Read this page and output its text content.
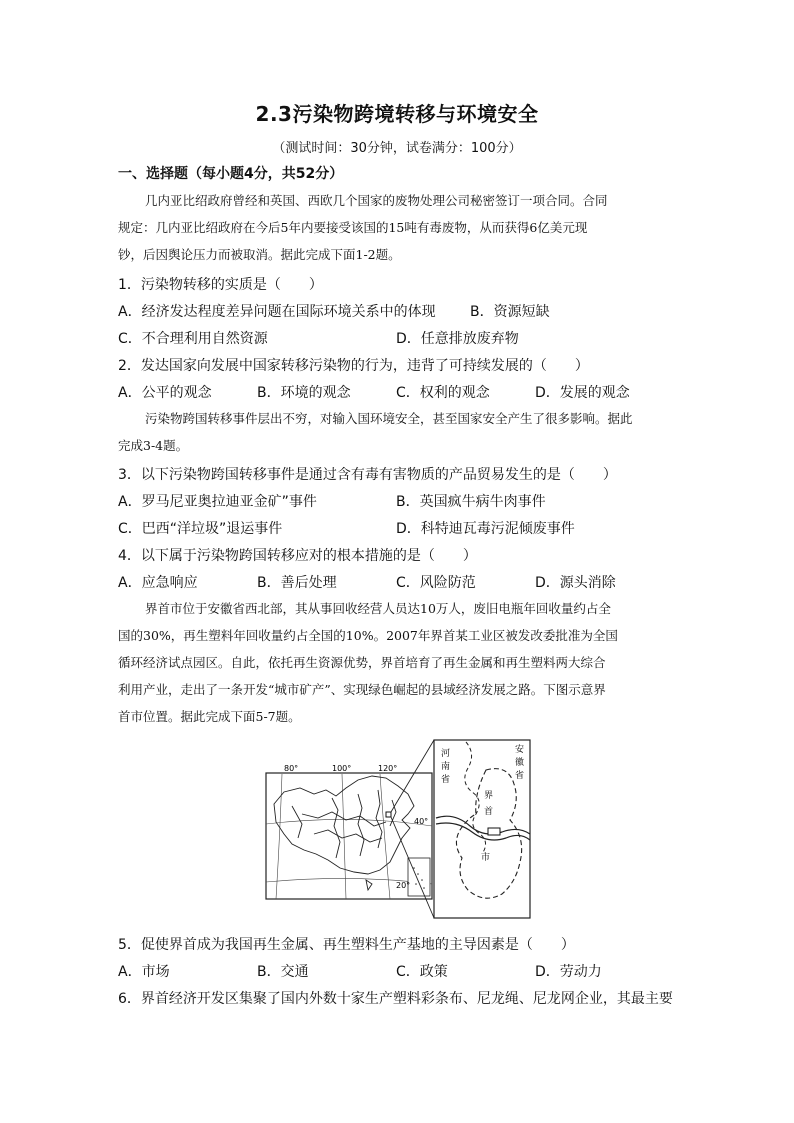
2.3污染物跨境转移与环境安全
（测试时间：30分钟，试卷满分：100分）
一、选择题（每小题4分，共52分）
几内亚比绍政府曾经和英国、西欧几个国家的废物处理公司秘密签订一项合同。合同
规定：几内亚比绍政府在今后5年内要接受该国的15吨有毒废物，从而获得6亿美元现
钞，后因舆论压力而被取消。据此完成下面1-2题。
1．污染物转移的实质是（　　）
A．经济发达程度差异问题在国际环境关系中的体现 B．资源短缺
C．不合理利用自然资源	D．任意排放废弃物
2．发达国家向发展中国家转移污染物的行为，违背了可持续发展的（　　）
A．公平的观念	B．环境的观念	C．权利的观念	D．发展的观念
污染物跨国转移事件层出不穷，对输入国环境安全，甚至国家安全产生了很多影响。据此
完成3-4题。
3．以下污染物跨国转移事件是通过含有毒有害物质的产品贸易发生的是（　　）
A．罗马尼亚奥拉迪亚金矿”事件	B．英国疯牛病牛肉事件
C．巴西“洋垃圾”退运事件	D．科特迪瓦毒污泥倾废事件
4．以下属于污染物跨国转移应对的根本措施的是（　　）
A．应急响应	B．善后处理	C．风险防范	D．源头消除
界首市位于安徽省西北部，其从事回收经营人员达10万人，废旧电瓶年回收量约占全
国的30%，再生塑料年回收量约占全国的10%。2007年界首某工业区被发改委批准为全国
循环经济试点园区。自此，依托再生资源优势，界首培育了再生金属和再生塑料两大综合
利用产业，走出了一条开发“城市矿产”、实现绿色崛起的县域经济发展之路。下图示意界
首市位置。据此完成下面5-7题。
80°	100°	120°
40°
20°
河
南
省
安
徽
省
界
首
市
5．促使界首成为我国再生金属、再生塑料生产基地的主导因素是（　　）
A．市场	B．交通	C．政策	D．劳动力
6．界首经济开发区集聚了国内外数十家生产塑料彩条布、尼龙绳、尼龙网企业，其最主要
